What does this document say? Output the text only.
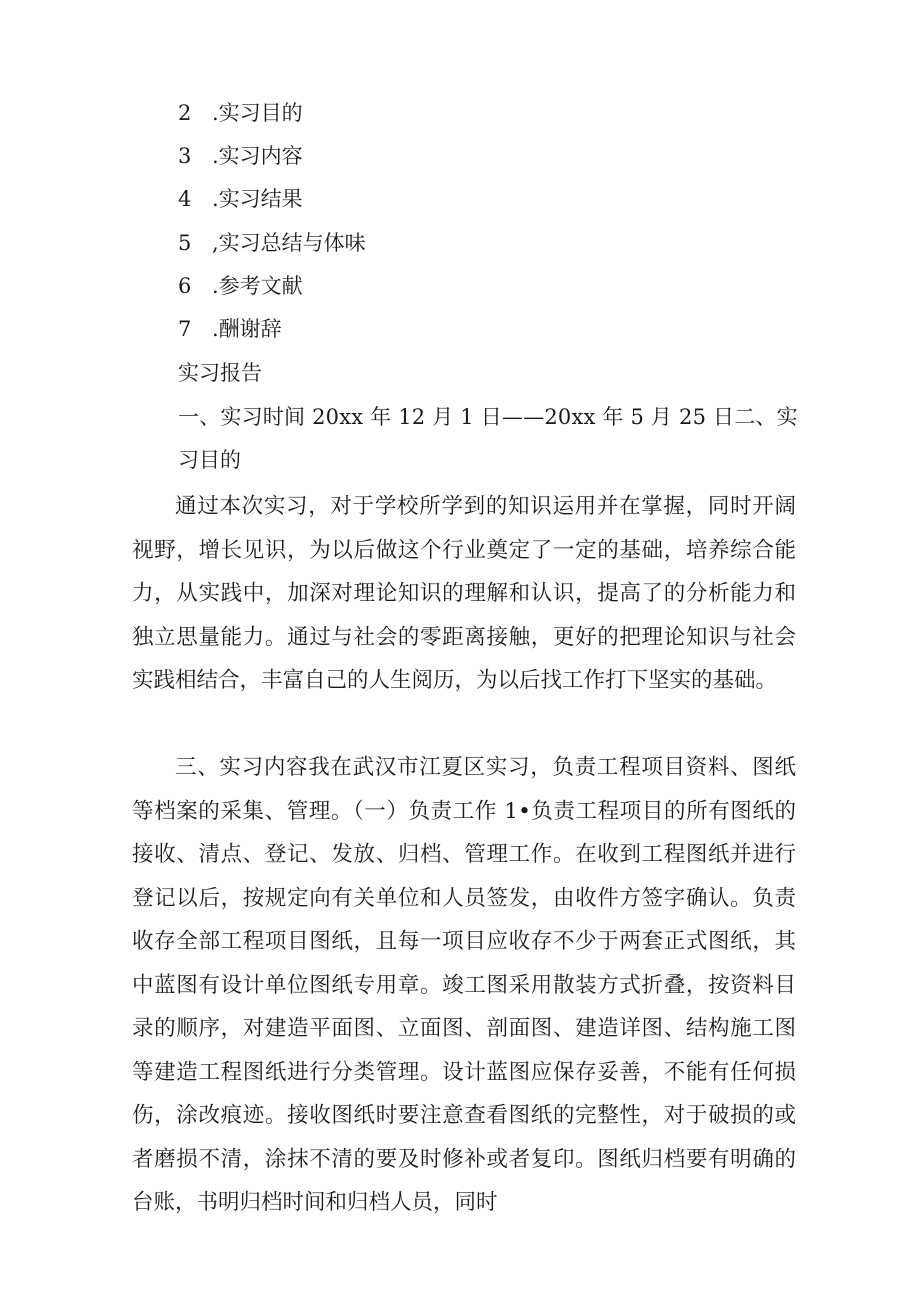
2 .实习目的
3 .实习内容
4 .实习结果
5 ,实习总结与体味
6 .参考文献
7 .酬谢辞
实习报告
一、实习时间 20xx 年 12 月 1 日——20xx 年 5 月 25 日二、实
习目的

通过本次实习，对于学校所学到的知识运用并在掌握，同时开阔视野，增长见识，为以后做这个行业奠定了一定的基础，培养综合能力，从实践中，加深对理论知识的理解和认识，提高了的分析能力和独立思量能力。通过与社会的零距离接触，更好的把理论知识与社会实践相结合，丰富自己的人生阅历，为以后找工作打下坚实的基础。

三、实习内容我在武汉市江夏区实习，负责工程项目资料、图纸等档案的采集、管理。（一）负责工作 1•负责工程项目的所有图纸的接收、清点、登记、发放、归档、管理工作。在收到工程图纸并进行登记以后，按规定向有关单位和人员签发，由收件方签字确认。负责收存全部工程项目图纸，且每一项目应收存不少于两套正式图纸，其中蓝图有设计单位图纸专用章。竣工图采用散装方式折叠，按资料目录的顺序，对建造平面图、立面图、剖面图、建造详图、结构施工图等建造工程图纸进行分类管理。设计蓝图应保存妥善，不能有任何损伤，涂改痕迹。接收图纸时要注意查看图纸的完整性，对于破损的或者磨损不清，涂抹不清的要及时修补或者复印。图纸归档要有明确的台账，书明归档时间和归档人员，同时
